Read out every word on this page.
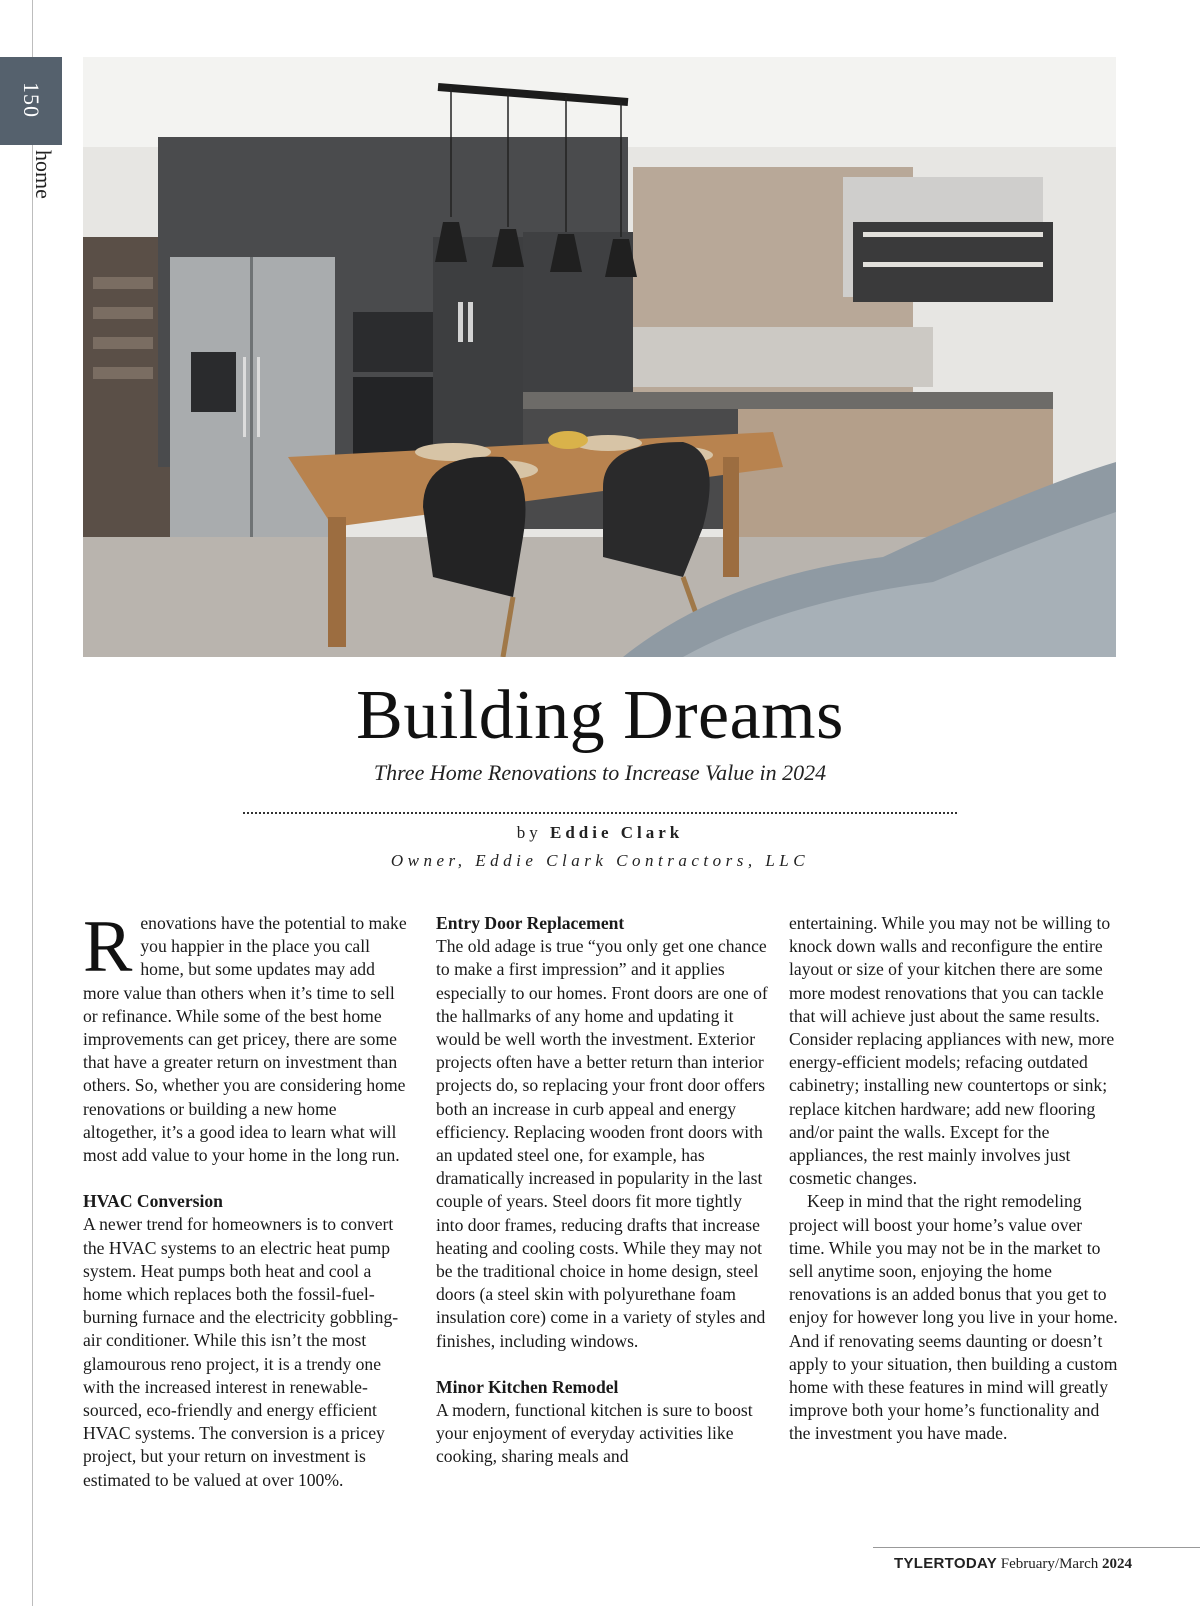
150
home
Building Dreams
Three Home Renovations to Increase Value in 2024
by Eddie Clark
Owner, Eddie Clark Contractors, LLC

Renovations have the potential to make you happier in the place you call home, but some updates may add more value than others when it’s time to sell or refinance. While some of the best home improvements can get pricey, there are some that have a greater return on investment than others. So, whether you are considering home renovations or building a new home altogether, it’s a good idea to learn what will most add value to your home in the long run.

HVAC Conversion

A newer trend for homeowners is to convert the HVAC systems to an electric heat pump system. Heat pumps both heat and cool a home which replaces both the fossil-fuel-burning furnace and the electricity gobbling-air conditioner. While this isn’t the most glamourous reno project, it is a trendy one with the increased interest in renewable-sourced, eco-friendly and energy efficient HVAC systems. The conversion is a pricey project, but your return on investment is estimated to be valued at over 100%.

Entry Door Replacement

The old adage is true “you only get one chance to make a first impression” and it applies especially to our homes. Front doors are one of the hallmarks of any home and updating it would be well worth the investment. Exterior projects often have a better return than interior projects do, so replacing your front door offers both an increase in curb appeal and energy efficiency. Replacing wooden front doors with an updated steel one, for example, has dramatically increased in popularity in the last couple of years. Steel doors fit more tightly into door frames, reducing drafts that increase heating and cooling costs. While they may not be the traditional choice in home design, steel doors (a steel skin with polyurethane foam insulation core) come in a variety of styles and finishes, including windows.

Minor Kitchen Remodel

A modern, functional kitchen is sure to boost your enjoyment of everyday activities like cooking, sharing meals and

entertaining. While you may not be willing to knock down walls and reconfigure the entire layout or size of your kitchen there are some more modest renovations that you can tackle that will achieve just about the same results. Consider replacing appliances with new, more energy-efficient models; refacing outdated cabinetry; installing new countertops or sink; replace kitchen hardware; add new flooring and/or paint the walls. Except for the appliances, the rest mainly involves just cosmetic changes.

Keep in mind that the right remodeling project will boost your home’s value over time. While you may not be in the market to sell anytime soon, enjoying the home renovations is an added bonus that you get to enjoy for however long you live in your home. And if renovating seems daunting or doesn’t apply to your situation, then building a custom home with these features in mind will greatly improve both your home’s functionality and the investment you have made.

TYLERTODAY February/March 2024
